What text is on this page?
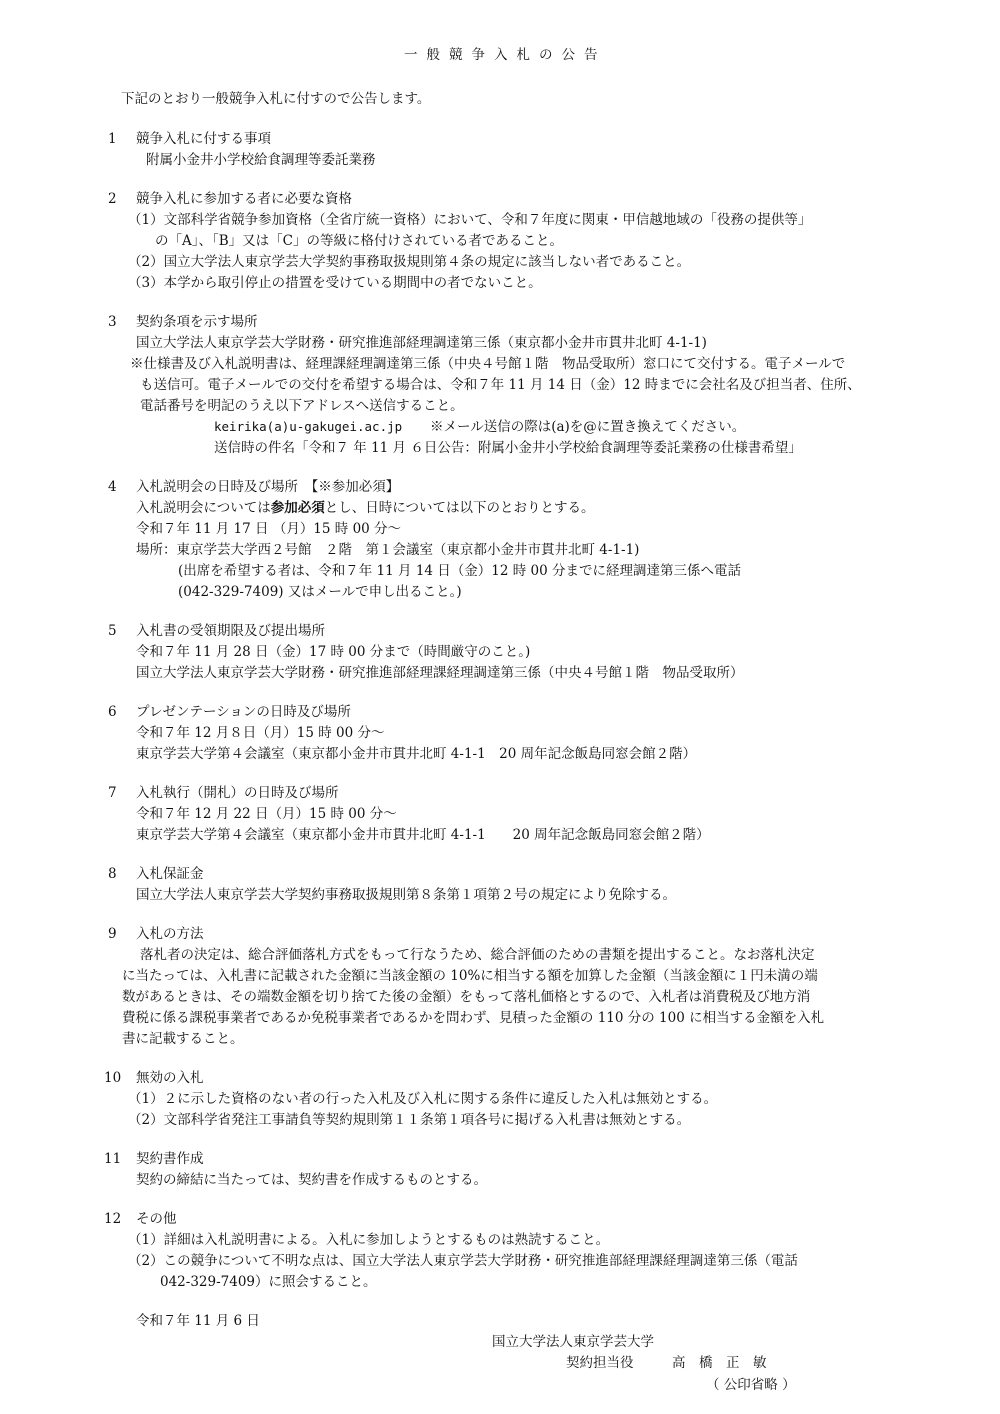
一般競争入札の公告
下記のとおり一般競争入札に付すので公告します。
1 競争入札に付する事項
附属小金井小学校給食調理等委託業務
2 競争入札に参加する者に必要な資格
（1）文部科学省競争参加資格（全省庁統一資格）において、令和７年度に関東・甲信越地域の「役務の提供等」
の「A」、「B」又は「C」の等級に格付けされている者であること。
（2）国立大学法人東京学芸大学契約事務取扱規則第４条の規定に該当しない者であること。
（3）本学から取引停止の措置を受けている期間中の者でないこと。
3 契約条項を示す場所
国立大学法人東京学芸大学財務・研究推進部経理調達第三係（東京都小金井市貫井北町 4-1-1)
※仕様書及び入札説明書は、経理課経理調達第三係（中央４号館１階　物品受取所）窓口にて交付する。電子メールで
も送信可。電子メールでの交付を希望する場合は、令和７年 11 月 14 日（金）12 時までに会社名及び担当者、住所、
電話番号を明記のうえ以下アドレスへ送信すること。
keirika(a)u-gakugei.ac.jp ※メール送信の際は(a)を@に置き換えてください。
送信時の件名「令和７ 年 11 月 ６日公告：附属小金井小学校給食調理等委託業務の仕様書希望」
4 入札説明会の日時及び場所　【※参加必須】
入札説明会については参加必須とし、日時については以下のとおりとする。
令和７年 11 月 17 日 （月）15 時 00 分～
場所：東京学芸大学西２号館　２階　第１会議室（東京都小金井市貫井北町 4-1-1)
(出席を希望する者は、令和７年 11 月 14 日（金）12 時 00 分までに経理調達第三係へ電話
(042-329-7409) 又はメールで申し出ること。)
5 入札書の受領期限及び提出場所
令和７年 11 月 28 日（金）17 時 00 分まで（時間厳守のこと。)
国立大学法人東京学芸大学財務・研究推進部経理課経理調達第三係（中央４号館１階　物品受取所）
6 プレゼンテーションの日時及び場所
令和７年 12 月８日（月）15 時 00 分～
東京学芸大学第４会議室（東京都小金井市貫井北町 4-1-1　20 周年記念飯島同窓会館２階）
7 入札執行（開札）の日時及び場所
令和７年 12 月 22 日（月）15 時 00 分～
東京学芸大学第４会議室（東京都小金井市貫井北町 4-1-1　　20 周年記念飯島同窓会館２階）
8 入札保証金
国立大学法人東京学芸大学契約事務取扱規則第８条第１項第２号の規定により免除する。
9 入札の方法
落札者の決定は、総合評価落札方式をもって行なうため、総合評価のための書類を提出すること。なお落札決定
に当たっては、入札書に記載された金額に当該金額の 10%に相当する額を加算した金額（当該金額に１円未満の端
数があるときは、その端数金額を切り捨てた後の金額）をもって落札価格とするので、入札者は消費税及び地方消
費税に係る課税事業者であるか免税事業者であるかを問わず、見積った金額の 110 分の 100 に相当する金額を入札
書に記載すること。
10 無効の入札
（1）２に示した資格のない者の行った入札及び入札に関する条件に違反した入札は無効とする。
（2）文部科学省発注工事請負等契約規則第１１条第１項各号に掲げる入札書は無効とする。
11 契約書作成
契約の締結に当たっては、契約書を作成するものとする。
12 その他
（1）詳細は入札説明書による。入札に参加しようとするものは熟読すること。
（2）この競争について不明な点は、国立大学法人東京学芸大学財務・研究推進部経理課経理調達第三係（電話
042-329-7409）に照会すること。
令和７年 11 月 6 日
国立大学法人東京学芸大学
契約担当役	高　橋　正　敏
（ 公印省略 ）
